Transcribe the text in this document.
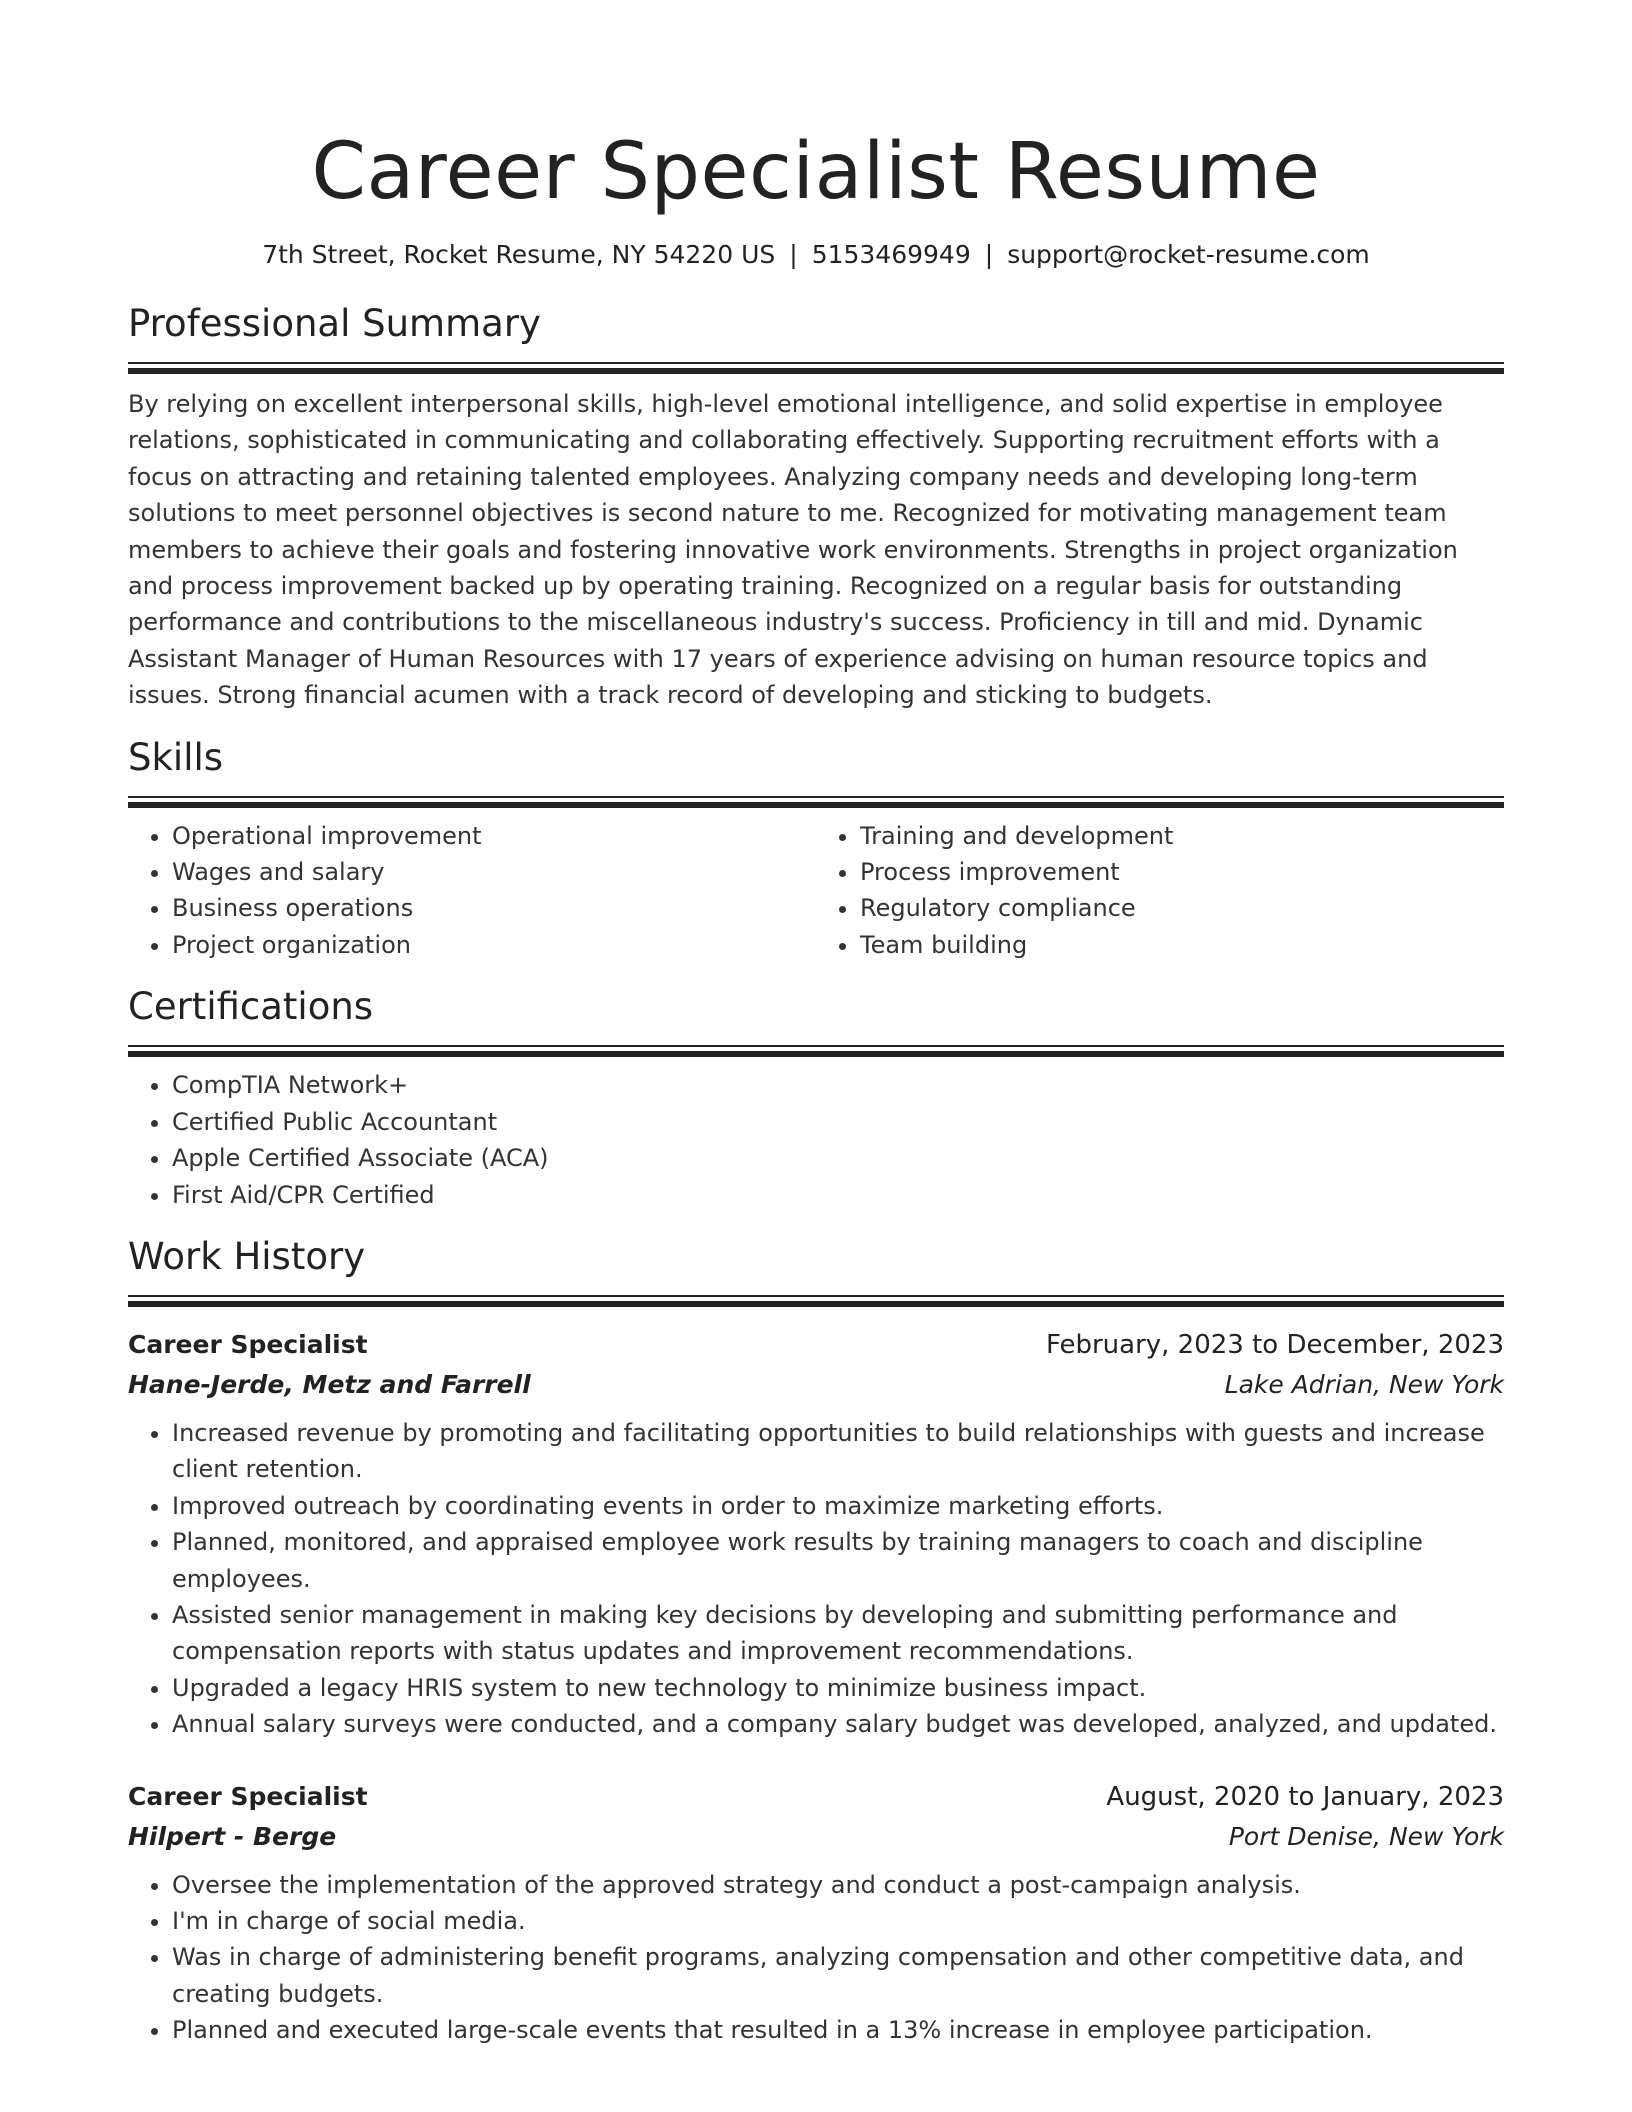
Career Specialist Resume
7th Street, Rocket Resume, NY 54220 US | 5153469949 | support@rocket-resume.com
Professional Summary

By relying on excellent interpersonal skills, high-level emotional intelligence, and solid expertise in employee relations, sophisticated in communicating and collaborating effectively. Supporting recruitment efforts with a focus on attracting and retaining talented employees. Analyzing company needs and developing long-term solutions to meet personnel objectives is second nature to me. Recognized for motivating management team members to achieve their goals and fostering innovative work environments. Strengths in project organization and process improvement backed up by operating training. Recognized on a regular basis for outstanding performance and contributions to the miscellaneous industry's success. Proficiency in till and mid. Dynamic Assistant Manager of Human Resources with 17 years of experience advising on human resource topics and issues. Strong financial acumen with a track record of developing and sticking to budgets.

Skills
• Operational improvement
• Wages and salary
• Business operations
• Project organization
• Training and development
• Process improvement
• Regulatory compliance
• Team building
Certifications
• CompTIA Network+
• Certified Public Accountant
• Apple Certified Associate (ACA)
• First Aid/CPR Certified
Work History
Career Specialist	February, 2023 to December, 2023
Hane-Jerde, Metz and Farrell	Lake Adrian, New York
• Increased revenue by promoting and facilitating opportunities to build relationships with guests and increase client retention.
• Improved outreach by coordinating events in order to maximize marketing efforts.
• Planned, monitored, and appraised employee work results by training managers to coach and discipline employees.
• Assisted senior management in making key decisions by developing and submitting performance and compensation reports with status updates and improvement recommendations.
• Upgraded a legacy HRIS system to new technology to minimize business impact.
• Annual salary surveys were conducted, and a company salary budget was developed, analyzed, and updated.
Career Specialist	August, 2020 to January, 2023
Hilpert - Berge	Port Denise, New York
• Oversee the implementation of the approved strategy and conduct a post-campaign analysis.
• I'm in charge of social media.
• Was in charge of administering benefit programs, analyzing compensation and other competitive data, and creating budgets.
• Planned and executed large-scale events that resulted in a 13% increase in employee participation.
